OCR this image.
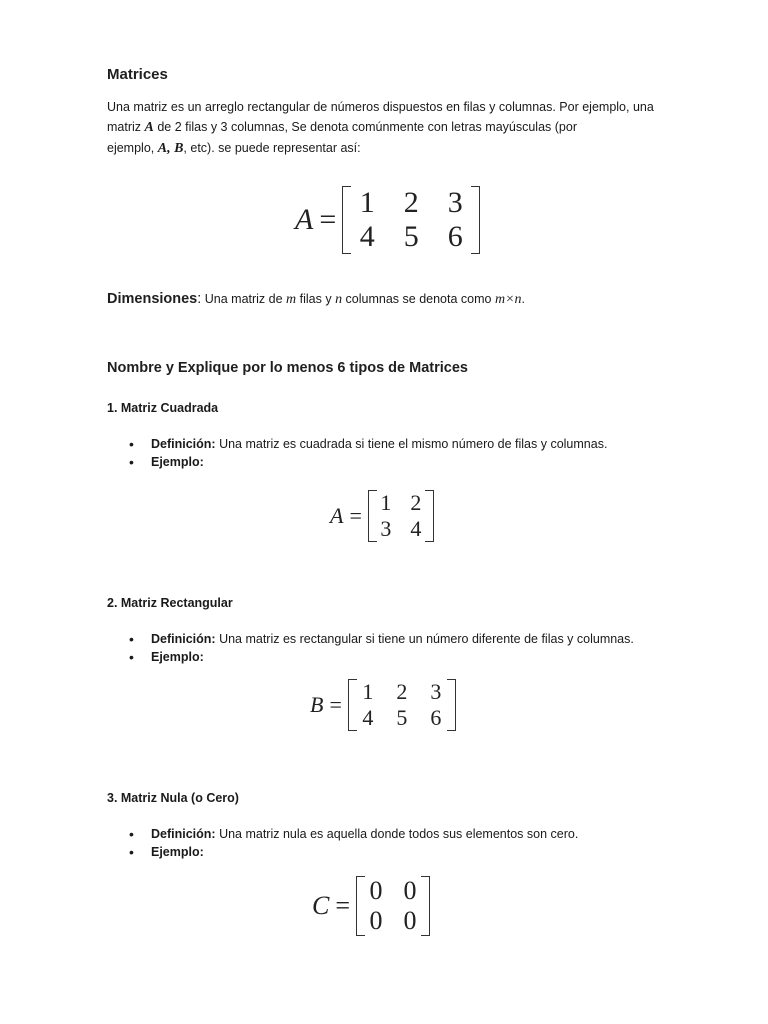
Matrices
Una matriz es un arreglo rectangular de números dispuestos en filas y columnas. Por ejemplo, una
matriz A de 2 filas y 3 columnas, Se denota comúnmente con letras mayúsculas (por
ejemplo, A, B, etc). se puede representar así:
A =
1 2 3
4 5 6
Dimensiones: Una matriz de m filas y n columnas se denota como m×n.
Nombre y Explique por lo menos 6 tipos de Matrices
1. Matriz Cuadrada
• Definición: Una matriz es cuadrada si tiene el mismo número de filas y columnas.
• Ejemplo:
A =
1 2
3 4
2. Matriz Rectangular
• Definición: Una matriz es rectangular si tiene un número diferente de filas y columnas.
• Ejemplo:
B =
1	2	3
4	5	6
3. Matriz Nula (o Cero)
• Definición: Una matriz nula es aquella donde todos sus elementos son cero.
• Ejemplo:
C =
0 0
0 0
